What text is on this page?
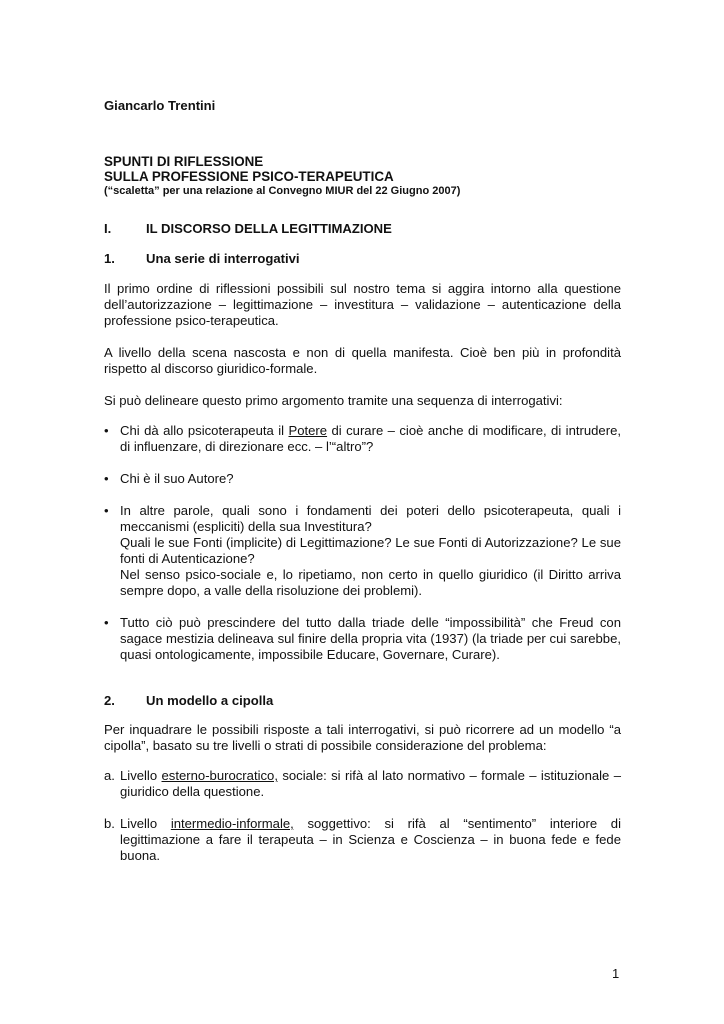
Giancarlo Trentini

SPUNTI DI RIFLESSIONE

SULLA PROFESSIONE PSICO-TERAPEUTICA

(“scaletta” per una relazione al Convegno MIUR del 22 Giugno 2007)

I.	IL DISCORSO DELLA LEGITTIMAZIONE
1.	Una serie di interrogativi

Il primo ordine di riflessioni possibili sul nostro tema si aggira intorno alla questione dell’autorizzazione – legittimazione – investitura – validazione – autenticazione della professione psico-terapeutica.

A livello della scena nascosta e non di quella manifesta. Cioè ben più in profondità rispetto al discorso giuridico-formale.

Si può delineare questo primo argomento tramite una sequenza di interrogativi:

• Chi dà allo psicoterapeuta il Potere di curare – cioè anche di modificare, di intrudere, di influenzare, di direzionare ecc. – l’“altro”?

• Chi è il suo Autore?

• In altre parole, quali sono i fondamenti dei poteri dello psicoterapeuta, quali i meccanismi (espliciti) della sua Investitura?

Quali le sue Fonti (implicite) di Legittimazione? Le sue Fonti di Autorizzazione? Le sue fonti di Autenticazione?

Nel senso psico-sociale e, lo ripetiamo, non certo in quello giuridico (il Diritto arriva sempre dopo, a valle della risoluzione dei problemi).

• Tutto ciò può prescindere del tutto dalla triade delle “impossibilità” che Freud con sagace mestizia delineava sul finire della propria vita (1937) (la triade per cui sarebbe, quasi ontologicamente, impossibile Educare, Governare, Curare).

2.	Un modello a cipolla

Per inquadrare le possibili risposte a tali interrogativi, si può ricorrere ad un modello “a cipolla”, basato su tre livelli o strati di possibile considerazione del problema:

a. Livello esterno-burocratico, sociale: si rifà al lato normativo – formale – istituzionale – giuridico della questione.
b. Livello intermedio-informale, soggettivo: si rifà al “sentimento” interiore di legittimazione a fare il terapeuta – in Scienza e Coscienza – in buona fede e fede buona.
1
